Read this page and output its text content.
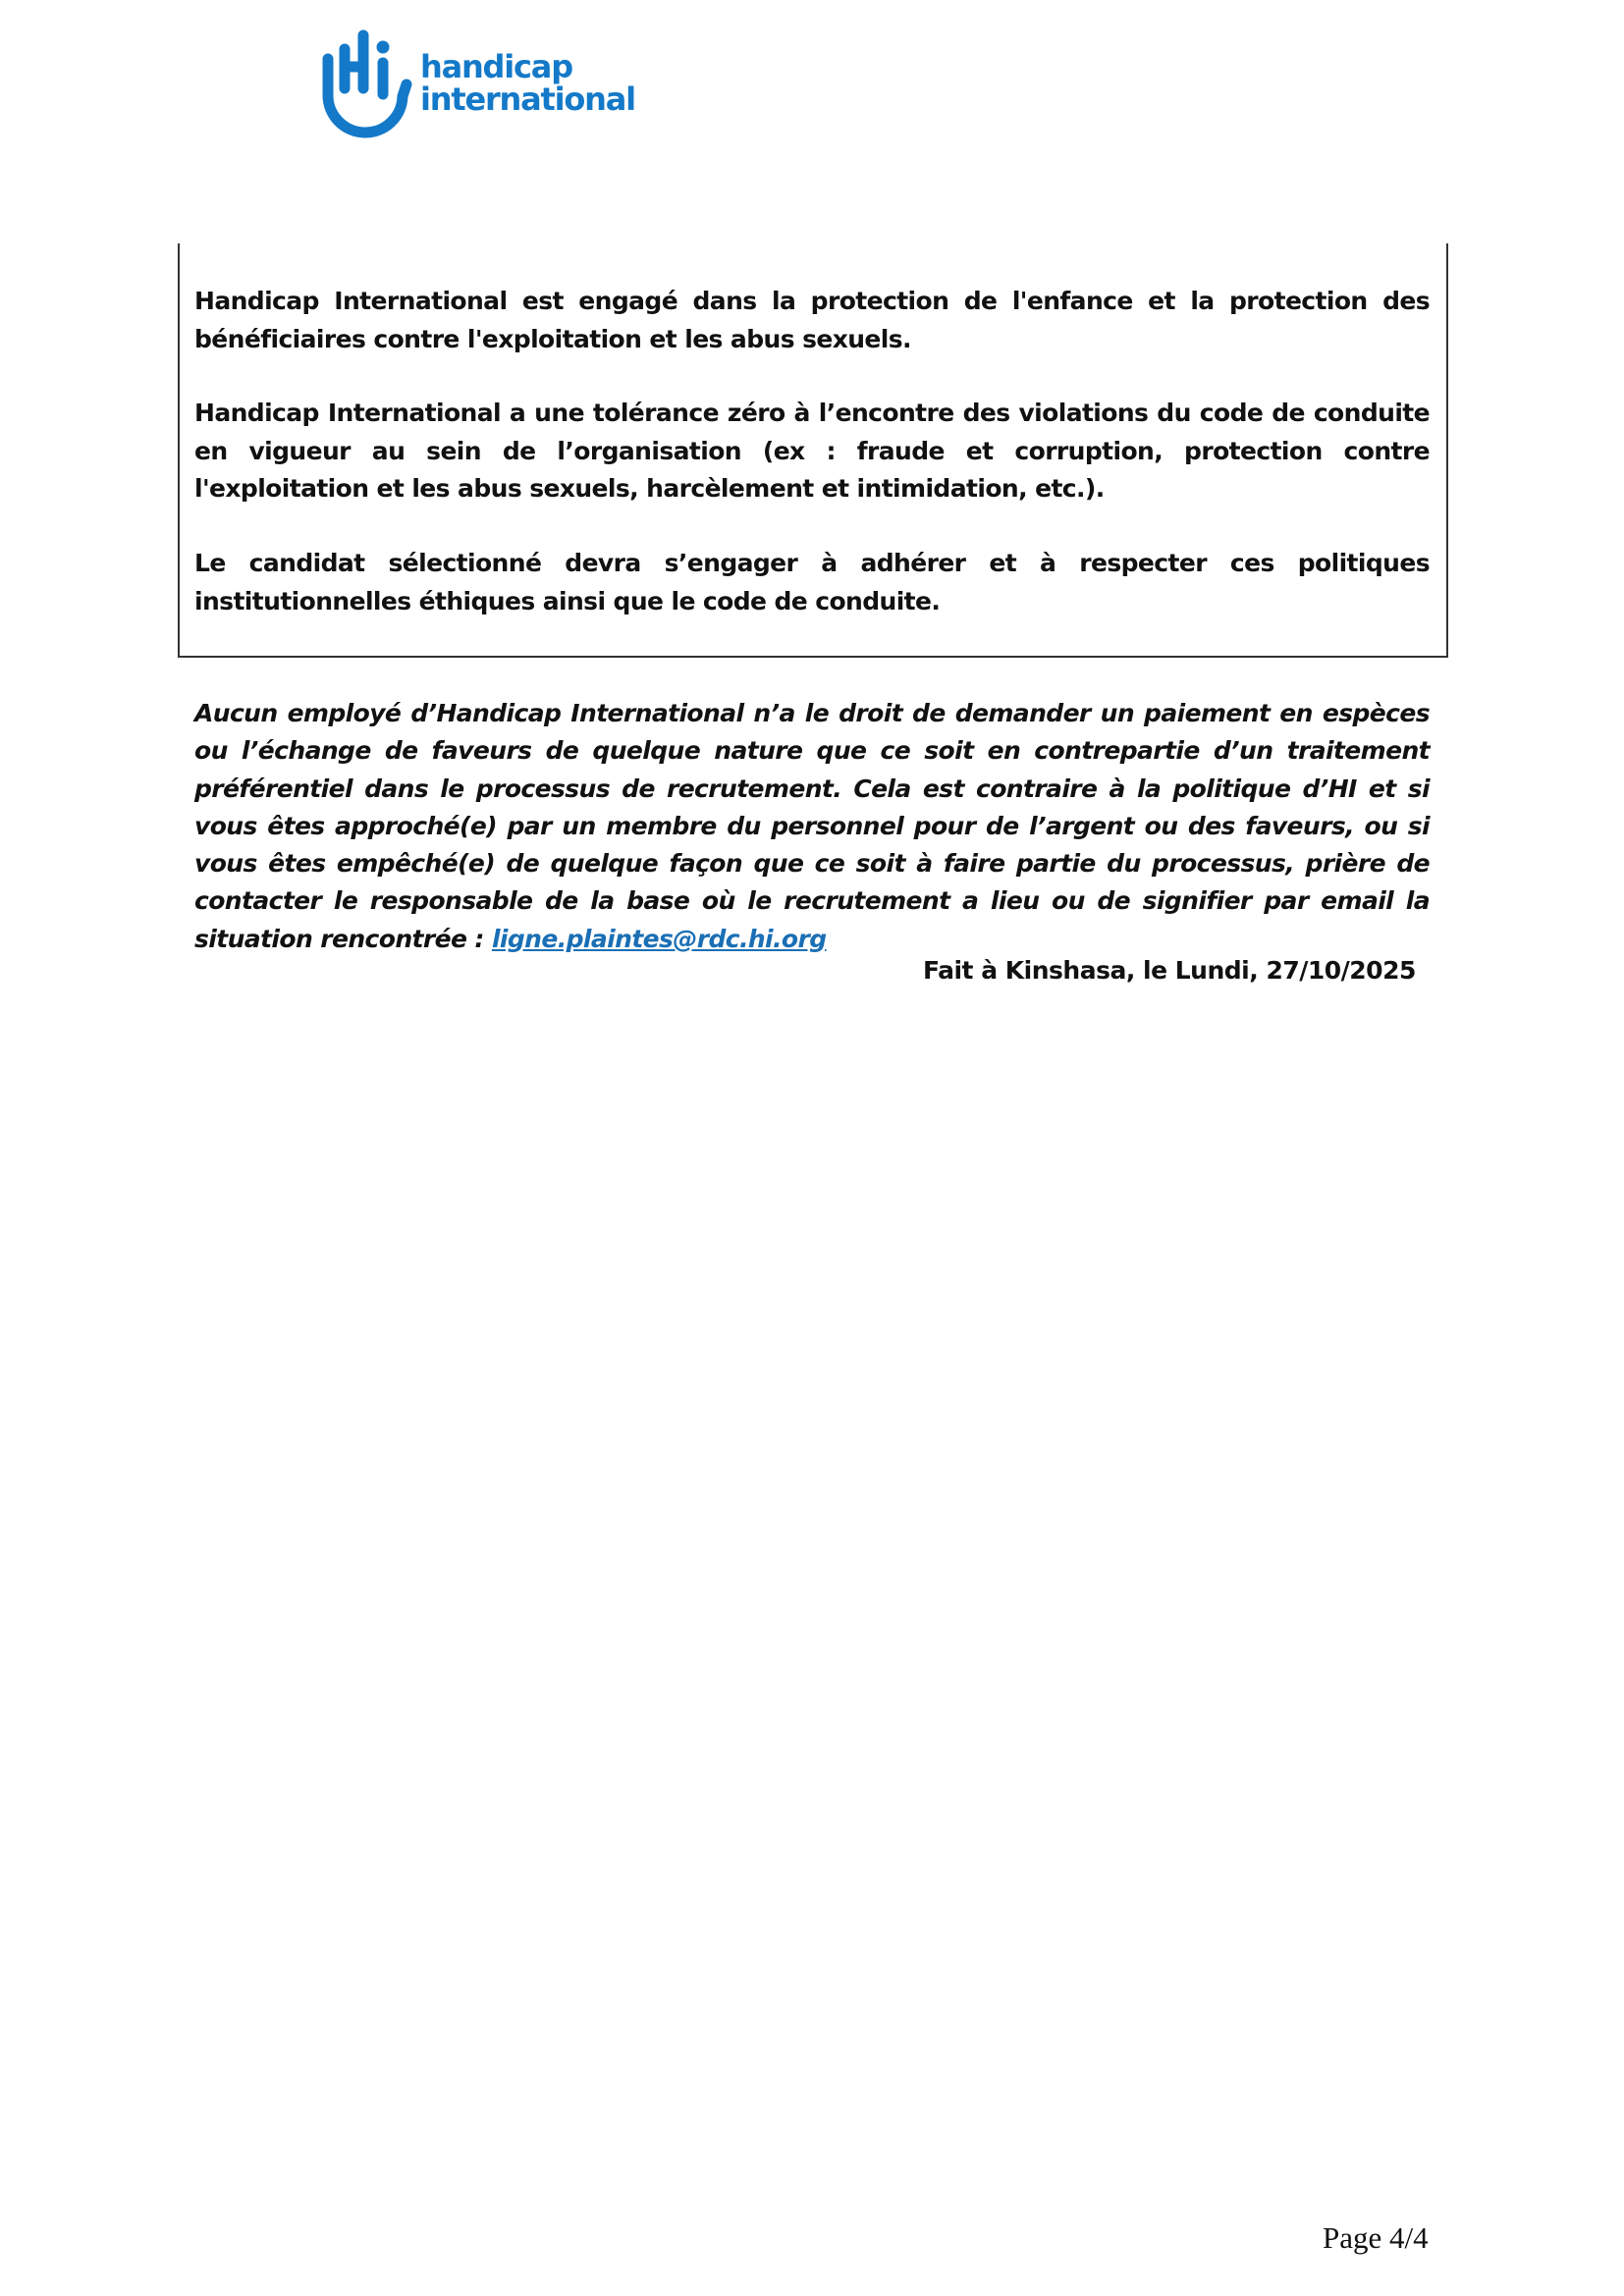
handicap
international
Handicap International est engagé dans la protection de l'enfance et la protection des bénéficiaires contre l'exploitation et les abus sexuels.
Handicap International a une tolérance zéro à l’encontre des violations du code de conduite en vigueur au sein de l’organisation (ex : fraude et corruption, protection contre l'exploitation et les abus sexuels, harcèlement et intimidation, etc.).
Le candidat sélectionné devra s’engager à adhérer et à respecter ces politiques institutionnelles éthiques ainsi que le code de conduite.
Aucun employé d’Handicap International n’a le droit de demander un paiement en espèces ou l’échange de faveurs de quelque nature que ce soit en contrepartie d’un traitement préférentiel dans le processus de recrutement. Cela est contraire à la politique d’HI et si vous êtes approché(e) par un membre du personnel pour de l’argent ou des faveurs, ou si vous êtes empêché(e) de quelque façon que ce soit à faire partie du processus, prière de contacter le responsable de la base où le recrutement a lieu ou de signifier par email la situation rencontrée : ligne.plaintes@rdc.hi.org
Fait à Kinshasa, le Lundi, 27/10/2025
Page 4/4
